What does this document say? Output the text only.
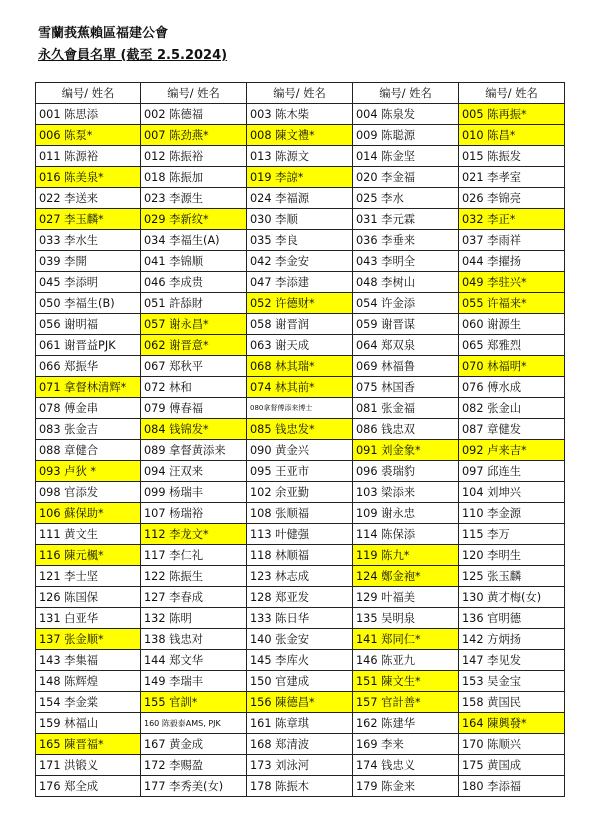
雪蘭莪蕉賴區福建公會
永久會員名單 (截至 2.5.2024)
编号/ 姓名	编号/ 姓名	编号/ 姓名	编号/ 姓名	编号/ 姓名
001 陈思添	002 陈德福	003 陈木柴	004 陈泉发	005 陈再振*
006 陈泵*	007 陈劲燕*	008 陳文禮*	009 陈聪源	010 陈昌*
011 陈源裕	012 陈振裕	013 陈源文	014 陈金坚	015 陈振发
016 陈美泉*	018 陈振加	019 李諒*	020 李金福	021 李孝室
022 李送来	023 李源生	024 李福源	025 李水	026 李锦亮
027 李玉麟*	029 李新纹*	030 李顺	031 李元霖	032 李正*
033 李水生	034 李福生(A)	035 李良	036 李垂来	037 李雨祥
039 李開	041 李锦顺	042 李金安	043 李明全	044 李擢扬
045 李添明	046 李成贵	047 李添建	048 李树山	049 李驻兴*
050 李福生(B)	051 許舔財	052 许德财*	054 许金添	055 许福来*
056 谢明福	057 谢永昌*	058 谢晋润	059 谢晋谋	060 谢源生
061 谢晋益PJK	062 谢晋意*	063 谢天成	064 郑双泉	065 郑雅烈
066 郑振华	067 郑秋平	068 林其瑞*	069 林福鲁	070 林福明*
071 拿督林清辉*	072 林和	074 林其前*	075 林国香	076 傅水成
078 傅金串	079 傅春福	080拿督傅添来博士	081 张金福	082 张金山
083 张金吉	084 钱锦发*	085 钱忠发*	086 钱忠双	087 章健发
088 章健合	089 拿督黄添来	090 黄金兴	091 刘金象*	092 卢来吉*
093 卢狄 *	094 汪双来	095 王亚市	096 裘瑞豹	097 邱连生
098 官添发	099 杨瑞丰	102 余亚勤	103 梁添来	104 刘坤兴
106 蘇保助*	107 杨瑞裕	108 张顺福	109 谢永忠	110 李金源
111 黄文生	112 李龙文*	113 叶健强	114 陈保添	115 李万
116 陳元楓*	117 李仁礼	118 林顺福	119 陈九*	120 李明生
121 李士坚	122 陈振生	123 林志成	124 鄭金袍*	125 张玉麟
126 陈国保	127 李春成	128 郑亚发	129 叶福美	130 黄才梅(女)
131 白亚华	132 陈明	133 陈日华	135 吴明泉	136 官明德
137 张金顺*	138 钱忠对	140 张金安	141 郑同仁*	142 方炳扬
143 李集福	144 郑文华	145 李库火	146 陈亚九	147 李见发
148 陈辉煌	149 李瑞丰	150 官建成	151 陳文生*	153 吴金宝
154 李金棠	155 官訓*	156 陳德昌*	157 官計善*	158 黄国民
159 林福山	160 陈毅泰AMS, PJK	161 陈章琪	162 陈建华	164 陳興發*
165 陳晋福*	167 黄金成	168 郑清波	169 李来	170 陈顺兴
171 洪锻义	172 李赐盈	173 刘泳河	174 钱忠义	175 黄国成
176 郑全成	177 李秀美(女)	178 陈振木	179 陈金来	180 李添福
